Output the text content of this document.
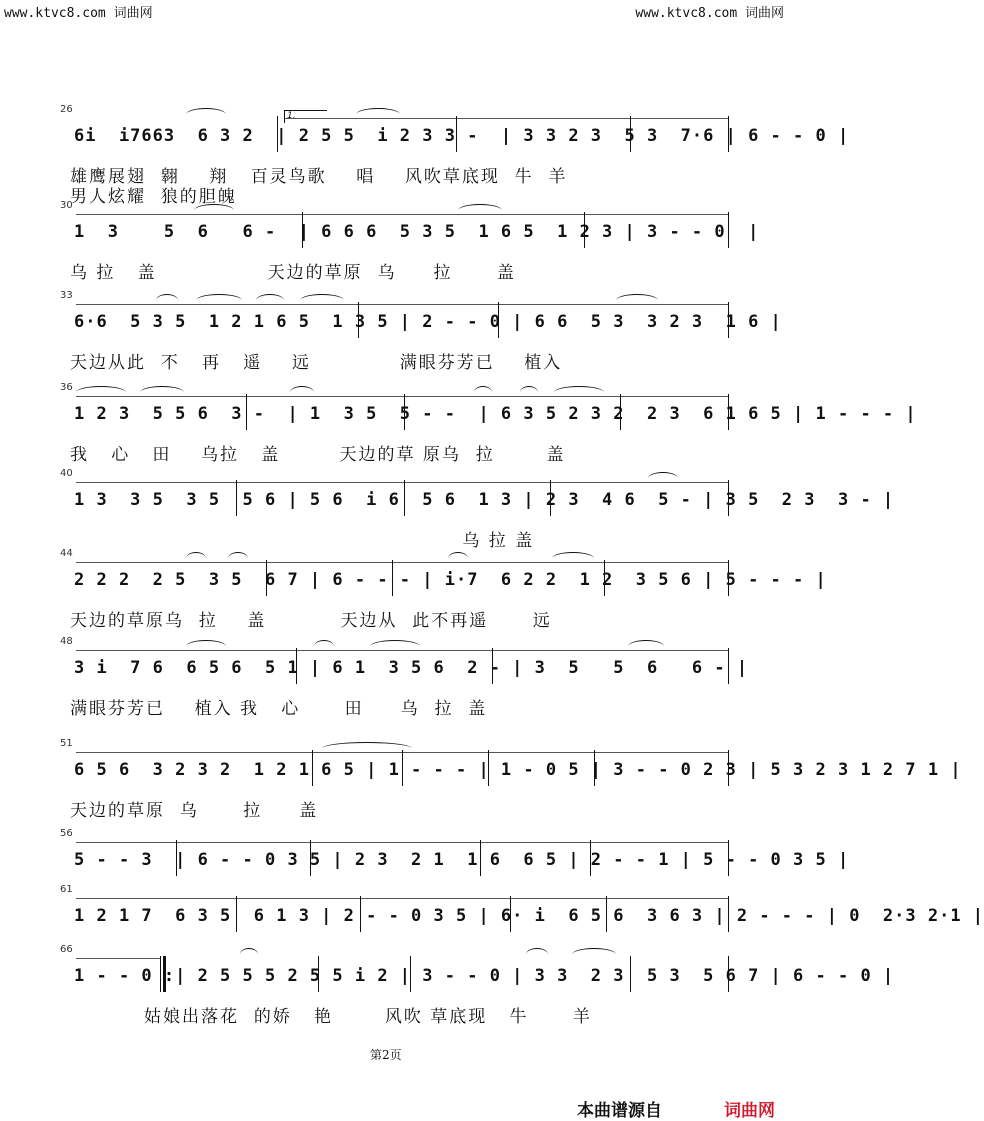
www.ktvc8.com 词曲网	www.ktvc8.com 词曲网
26
1.
6i  i7663  6 3 2  | 2 5 5  i 2 3 3 -  | 3 3 2 3  5 3  7·6 | 6 - - 0 |
雄鹰展翅  翱    翔   百灵鸟歌    唱    风吹草底现  牛  羊
男人炫耀  狼的胆魄
30
1  3    5  6   6 -  | 6 6 6  5 3 5  1 6 5  1 2 3 | 3 - - 0  |
乌 拉   盖               天边的草原  乌     拉      盖
33
6·6  5 3 5  1 2 1 6 5  1 3 5 | 2 - - 0 | 6 6  5 3  3 2 3  1 6 |
天边从此  不   再   遥    远            满眼芬芳已    植入
36
1 2 3  5 5 6  3 -  | 1  3 5  5 - -  | 6 3 5 2 3 2  2 3  6 1 6 5 | 1 - - - |
我   心   田    乌拉   盖        天边的草 原乌  拉       盖
40
1 3  3 5  3 5  5 6 | 5 6  i 6  5 6  1 3 | 2 3  4 6  5 - | 3 5  2 3  3 - |
乌 拉 盖
44
2 2 2  2 5  3 5  6 7 | 6 - - - | i·7  6 2 2  1 2  3 5 6 | 5 - - - |
天边的草原乌  拉    盖          天边从  此不再遥      远
48
3 i  7 6  6 5 6  5 1 | 6 1  3 5 6  2 - | 3  5   5  6   6 - |
满眼芬芳已    植入 我   心      田     乌  拉  盖
51
6 5 6  3 2 3 2  1 2 1 6 5 | 1 - - - | 1 - 0 5 | 3 - - 0 2 3 | 5 3 2 3 1 2 7 1 |
天边的草原  乌      拉     盖
56
5 - - 3  | 6 - - 0 3 5 | 2 3  2 1  1 6  6 5 | 2 - - 1 | 5 - - 0 3 5 |
61
1 2 1 7  6 3 5  6 1 3 | 2 - - 0 3 5 | 6· i  6 5 6  3 6 3 | 2 - - - | 0  2·3 2·1 |
66
1 - - 0 :| 2 5 5 5 2 5 5 i 2 | 3 - - 0 | 3 3  2 3  5 3  5 6 7 | 6 - - 0 |
姑娘出落花  的娇   艳       风吹 草底现   牛      羊
第2页
本曲谱源自	词曲网
